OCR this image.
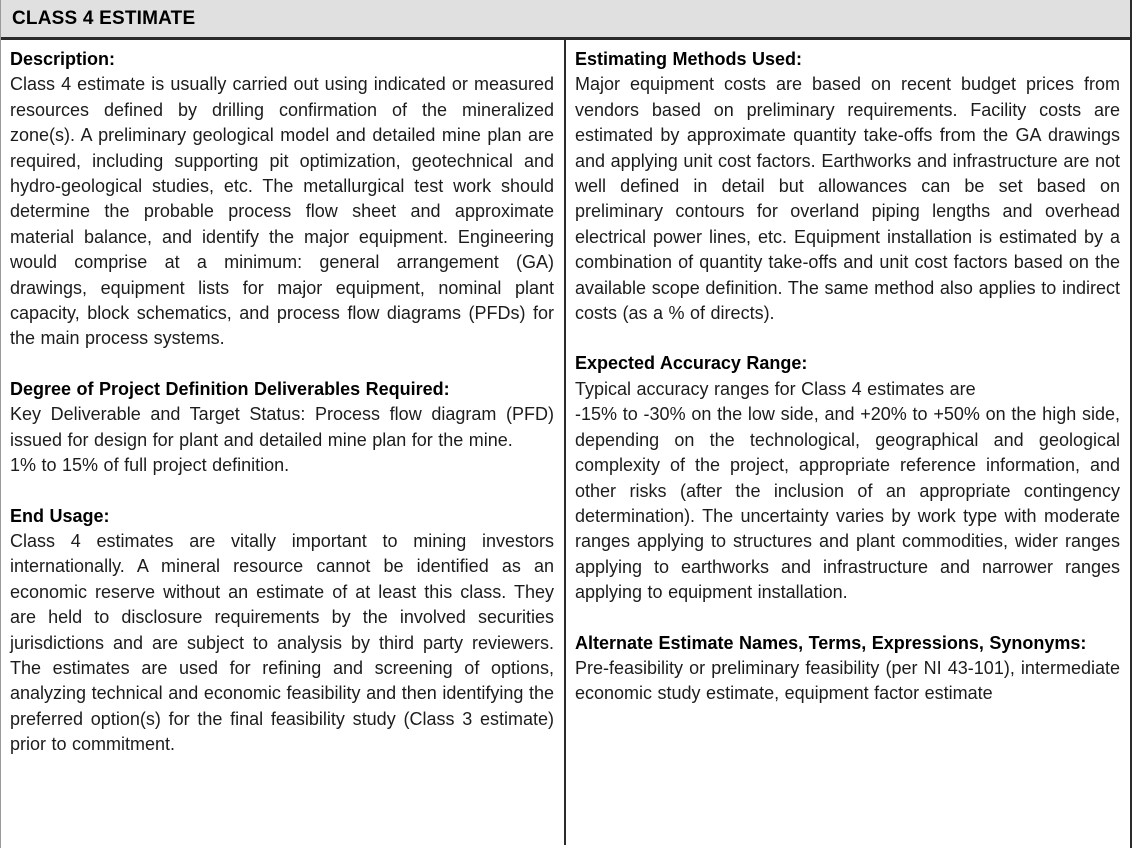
CLASS 4 ESTIMATE
Description:

Class 4 estimate is usually carried out using indicated or measured resources defined by drilling confirmation of the mineralized zone(s). A preliminary geological model and detailed mine plan are required, including supporting pit optimization, geotechnical and hydro-geological studies, etc. The metallurgical test work should determine the probable process flow sheet and approximate material balance, and identify the major equipment. Engineering would comprise at a minimum: general arrangement (GA) drawings, equipment lists for major equipment, nominal plant capacity, block schematics, and process flow diagrams (PFDs) for the main process systems.

Degree of Project Definition Deliverables Required:

Key Deliverable and Target Status: Process flow diagram (PFD) issued for design for plant and detailed mine plan for the mine.

1% to 15% of full project definition.

End Usage:

Class 4 estimates are vitally important to mining investors internationally. A mineral resource cannot be identified as an economic reserve without an estimate of at least this class. They are held to disclosure requirements by the involved securities jurisdictions and are subject to analysis by third party reviewers. The estimates are used for refining and screening of options, analyzing technical and economic feasibility and then identifying the preferred option(s) for the final feasibility study (Class 3 estimate) prior to commitment.

Estimating Methods Used:

Major equipment costs are based on recent budget prices from vendors based on preliminary requirements. Facility costs are estimated by approximate quantity take-offs from the GA drawings and applying unit cost factors. Earthworks and infrastructure are not well defined in detail but allowances can be set based on preliminary contours for overland piping lengths and overhead electrical power lines, etc. Equipment installation is estimated by a combination of quantity take-offs and unit cost factors based on the available scope definition. The same method also applies to indirect costs (as a % of directs).

Expected Accuracy Range:

Typical accuracy ranges for Class 4 estimates are

-15% to -30% on the low side, and +20% to +50% on the high side, depending on the technological, geographical and geological complexity of the project, appropriate reference information, and other risks (after the inclusion of an appropriate contingency determination). The uncertainty varies by work type with moderate ranges applying to structures and plant commodities, wider ranges applying to earthworks and infrastructure and narrower ranges applying to equipment installation.

Alternate Estimate Names, Terms, Expressions, Synonyms:

Pre-feasibility or preliminary feasibility (per NI 43-101), intermediate economic study estimate, equipment factor estimate
